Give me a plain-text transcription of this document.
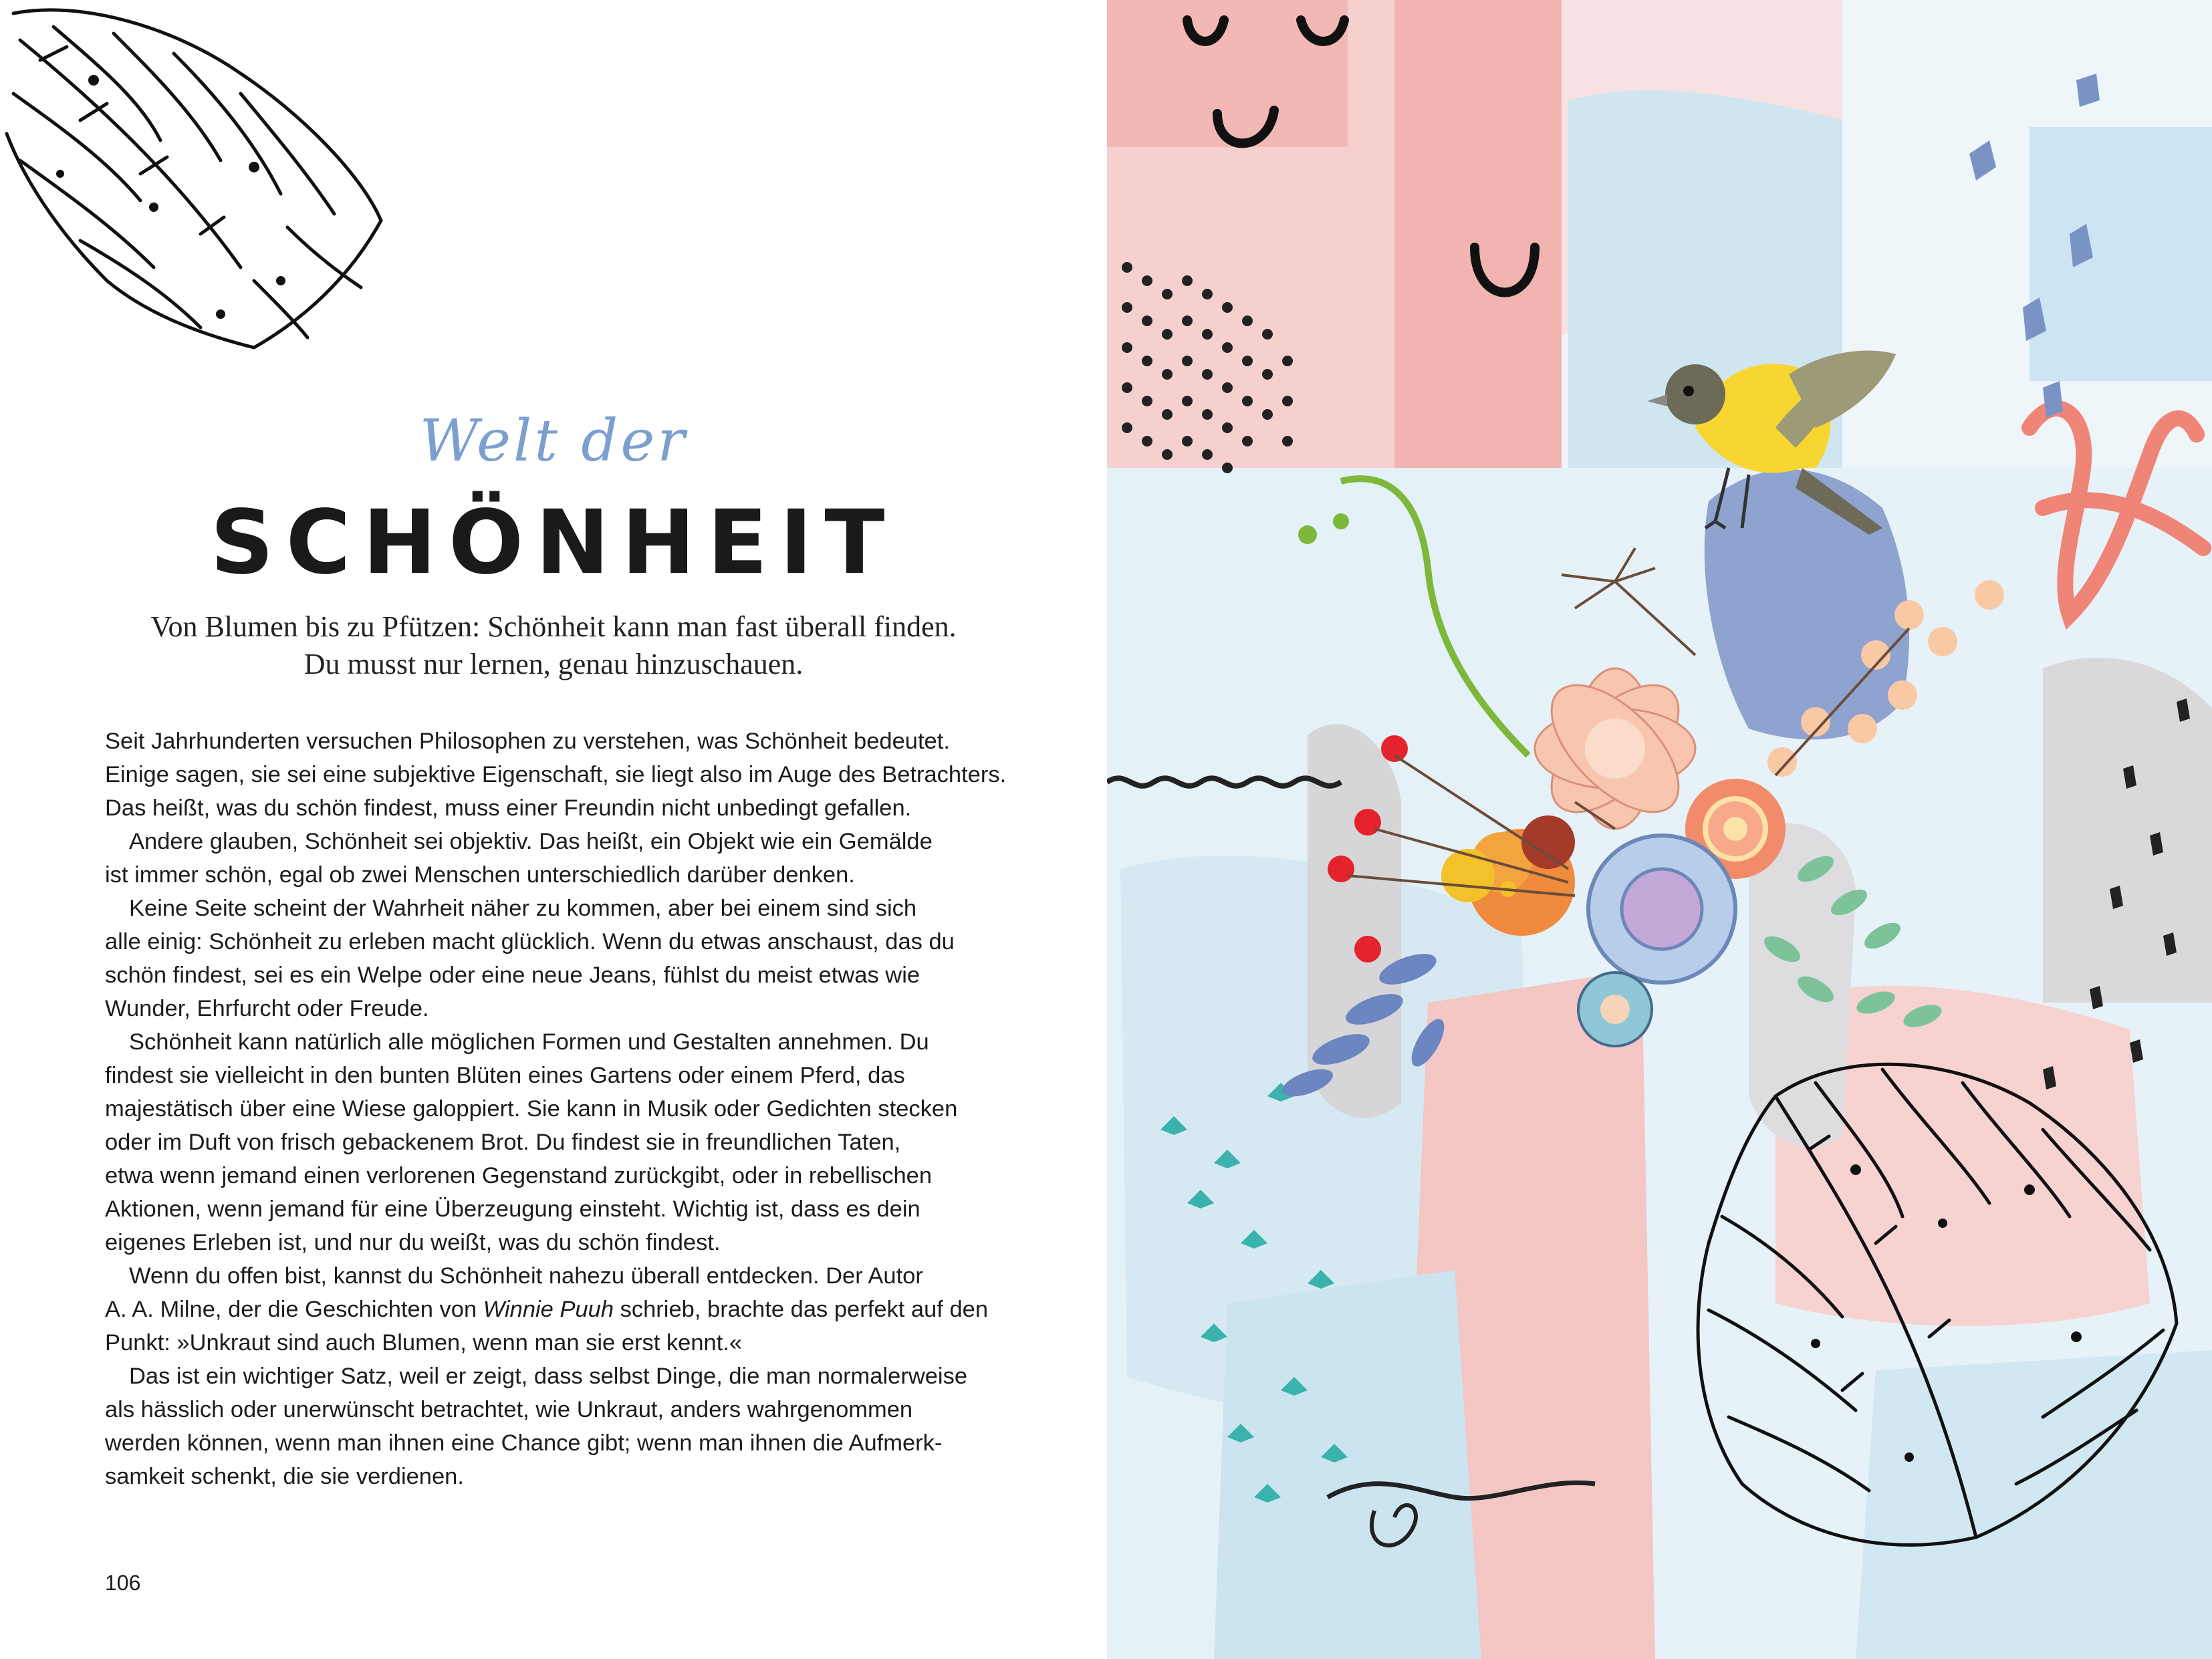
Welt der
SCHÖNHEIT
Von Blumen bis zu Pfützen: Schönheit kann man fast überall finden.
Du musst nur lernen, genau hinzuschauen.
Seit Jahrhunderten versuchen Philosophen zu verstehen, was Schönheit bedeutet.
Einige sagen, sie sei eine subjektive Eigenschaft, sie liegt also im Auge des Betrachters.
Das heißt, was du schön findest, muss einer Freundin nicht unbedingt gefallen.
Andere glauben, Schönheit sei objektiv. Das heißt, ein Objekt wie ein Gemälde
ist immer schön, egal ob zwei Menschen unterschiedlich darüber denken.
Keine Seite scheint der Wahrheit näher zu kommen, aber bei einem sind sich
alle einig: Schönheit zu erleben macht glücklich. Wenn du etwas anschaust, das du
schön findest, sei es ein Welpe oder eine neue Jeans, fühlst du meist etwas wie
Wunder, Ehrfurcht oder Freude.
Schönheit kann natürlich alle möglichen Formen und Gestalten annehmen. Du
findest sie vielleicht in den bunten Blüten eines Gartens oder einem Pferd, das
majestätisch über eine Wiese galoppiert. Sie kann in Musik oder Gedichten stecken
oder im Duft von frisch gebackenem Brot. Du findest sie in freundlichen Taten,
etwa wenn jemand einen verlorenen Gegenstand zurückgibt, oder in rebellischen
Aktionen, wenn jemand für eine Überzeugung einsteht. Wichtig ist, dass es dein
eigenes Erleben ist, und nur du weißt, was du schön findest.
Wenn du offen bist, kannst du Schönheit nahezu überall entdecken. Der Autor
A. A. Milne, der die Geschichten von Winnie Puuh schrieb, brachte das perfekt auf den
Punkt: »Unkraut sind auch Blumen, wenn man sie erst kennt.«
Das ist ein wichtiger Satz, weil er zeigt, dass selbst Dinge, die man normalerweise
als hässlich oder unerwünscht betrachtet, wie Unkraut, anders wahrgenommen
werden können, wenn man ihnen eine Chance gibt; wenn man ihnen die Aufmerk-
samkeit schenkt, die sie verdienen.
106
